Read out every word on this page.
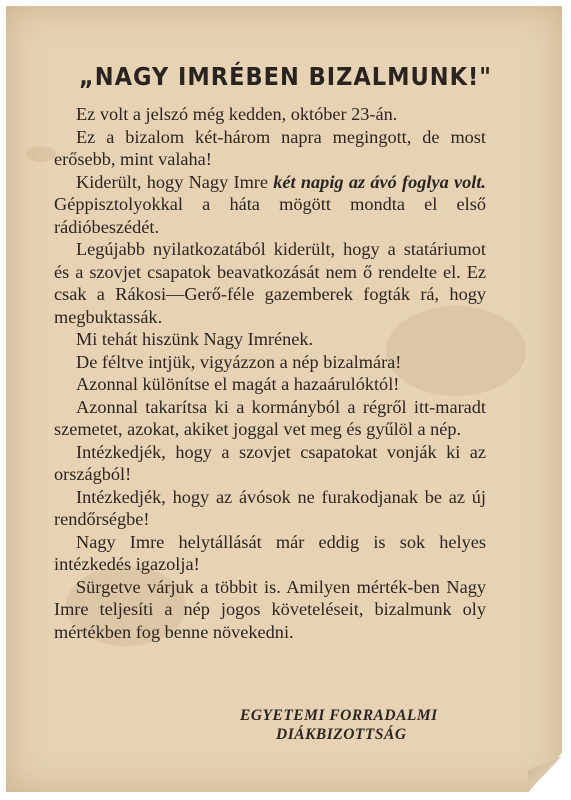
„NAGY IMRÉBEN BIZALMUNK!"

Ez volt a jelszó még kedden, október 23-án.

Ez a bizalom két-három napra megingott, de most erősebb, mint valaha!

Kiderült, hogy Nagy Imre két napig az ávó foglya volt. Géppisztolyokkal a háta mögött mondta el első rádióbeszédét.

Legújabb nyilatkozatából kiderült, hogy a statáriumot és a szovjet csapatok beavatkozását nem ő rendelte el. Ez csak a Rákosi—Gerő-féle gazemberek fogták rá, hogy megbuktassák.

Mi tehát hiszünk Nagy Imrének.

De féltve intjük, vigyázzon a nép bizalmára!

Azonnal különítse el magát a hazaárulóktól!

Azonnal takarítsa ki a kormányból a régről itt-maradt szemetet, azokat, akiket joggal vet meg és gyűlöl a nép.

Intézkedjék, hogy a szovjet csapatokat vonják ki az országból!

Intézkedjék, hogy az ávósok ne furakodjanak be az új rendőrségbe!

Nagy Imre helytállását már eddig is sok helyes intézkedés igazolja!

Sürgetve várjuk a többit is. Amilyen mérték-ben Nagy Imre teljesíti a nép jogos követeléseit, bizalmunk oly mértékben fog benne növekedni.

EGYETEMI FORRADALMI
DIÁKBIZOTTSÁG
